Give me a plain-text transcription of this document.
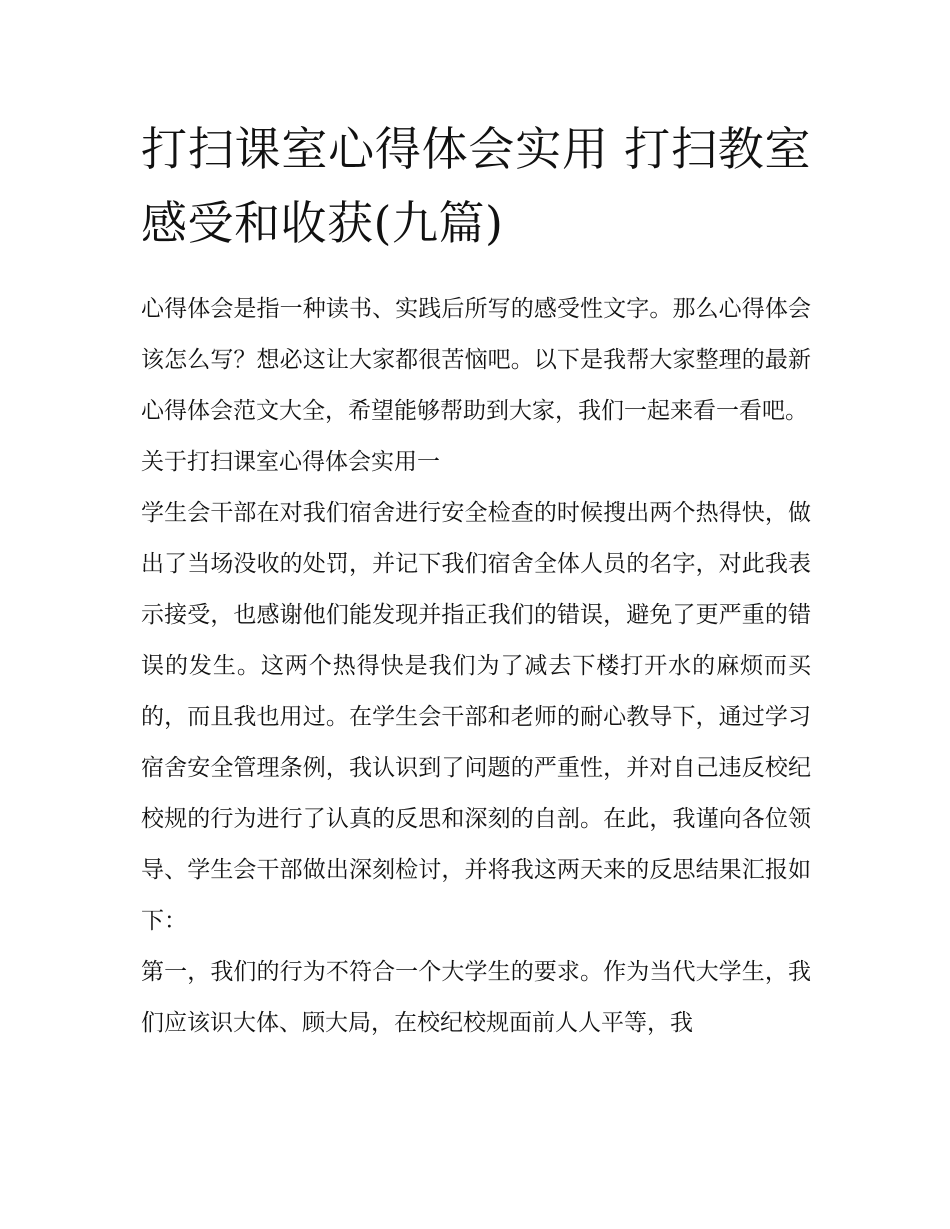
打扫课室心得体会实用 打扫教室感受和收获(九篇)

心得体会是指一种读书、实践后所写的感受性文字。那么心得体会该怎么写？想必这让大家都很苦恼吧。以下是我帮大家整理的最新心得体会范文大全，希望能够帮助到大家，我们一起来看一看吧。

关于打扫课室心得体会实用一

学生会干部在对我们宿舍进行安全检查的时候搜出两个热得快，做出了当场没收的处罚，并记下我们宿舍全体人员的名字，对此我表示接受，也感谢他们能发现并指正我们的错误，避免了更严重的错误的发生。这两个热得快是我们为了减去下楼打开水的麻烦而买的，而且我也用过。在学生会干部和老师的耐心教导下，通过学习宿舍安全管理条例，我认识到了问题的严重性，并对自己违反校纪校规的行为进行了认真的反思和深刻的自剖。在此，我谨向各位领导、学生会干部做出深刻检讨，并将我这两天来的反思结果汇报如下：

第一，我们的行为不符合一个大学生的要求。作为当代大学生，我们应该识大体、顾大局，在校纪校规面前人人平等，我
